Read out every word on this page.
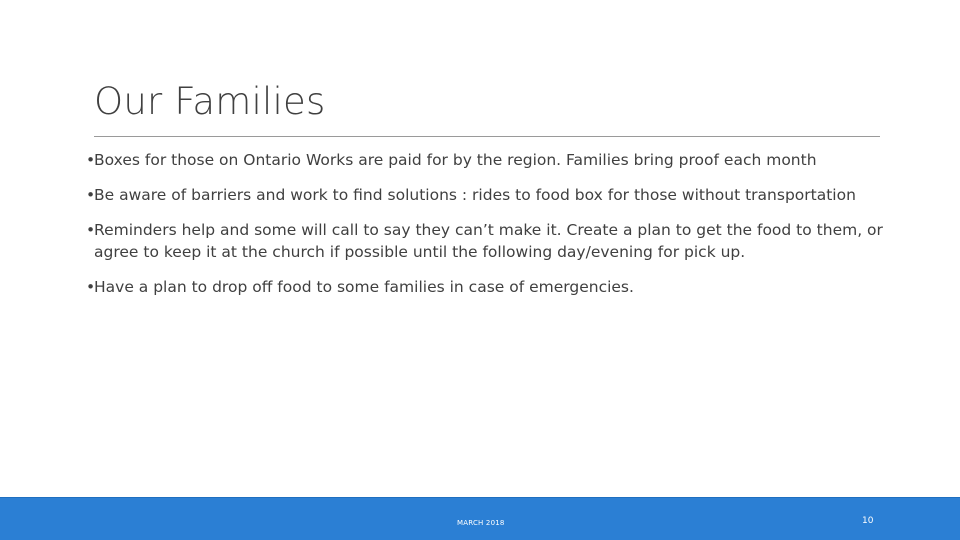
Our Families
• Boxes for those on Ontario Works are paid for by the region. Families bring proof each month
• Be aware of barriers and work to find solutions : rides to food box for those without transportation
• Reminders help and some will call to say they can’t make it. Create a plan to get the food to them, or agree to keep it at the church if possible until the following day/evening for pick up.
• Have a plan to drop off food to some families in case of emergencies.
MARCH 2018	10
